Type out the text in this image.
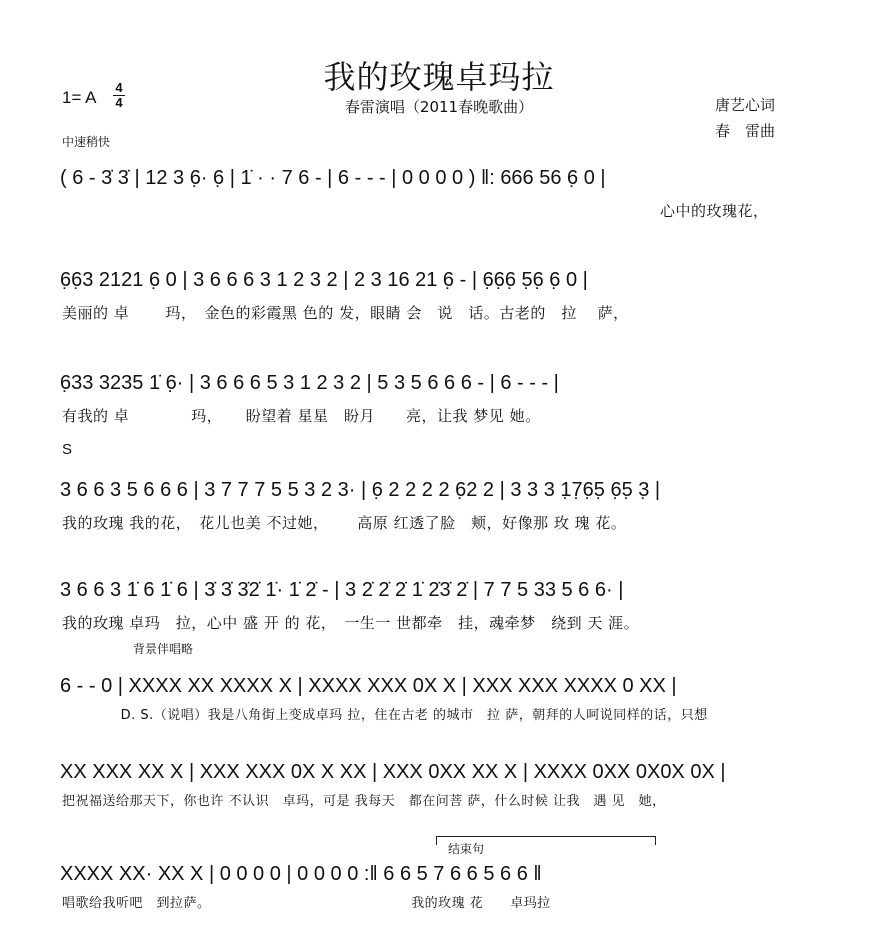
我的玫瑰卓玛拉
春雷演唱（2011春晚歌曲）
1= A
4
4
中速稍快
唐艺心词
春　雷曲
S
背景伴唱略
结束句
( 6 - 3̇ 3̇ | 12 3 6̣· 6̣ | 1̇ · · 7 6 - | 6 - - - | 0 0 0 0 ) ‖: 666 56 6̣ 0 |
心中的玫瑰花，
6̣6̣3 2121 6̣ 0 | 3 6 6 6 3 1 2 3 2 | 2 3 16 21 6̣ - | 6̣6̣6̣ 5̣6̣ 6̣ 0 |
美丽的 卓　　 玛，　金色的彩霞黑 色的 发，眼睛 会　说　话。古老的　拉　 萨，
6̣33 3235 1̇ 6̣· | 3 6 6 6 5 3 1 2 3 2 | 5 3 5 6 6 6 - | 6 - - - |
有我的 卓　　　　玛，　　盼望着 星星　盼月　　亮，让我 梦见 她。
3 6 6 3 5 6 6 6 | 3 7 7 7 5 5 3 2 3· | 6̣ 2 2 2 2 6̣2 2 | 3 3 3 1̣7̣6̣5̣ 6̣5̣ 3̣ |
我的玫瑰 我的花，　花儿也美 不过她，　　 高原 红透了脸　颊，好像那 玫 瑰 花。
3 6 6 3 1̇ 6 1̇ 6 | 3̇ 3̇ 3̇2̇ 1̇· 1̇ 2̇ - | 3 2̇ 2̇ 2̇ 1̇ 2̇3̇ 2̇ | 7 7 5 33 5 6 6· |
我的玫瑰 卓玛　拉，心中 盛 开 的 花，　一生一 世都牵　挂，魂牵梦　绕到 天 涯。
6 - - 0 | XXXX XX XXXX X | XXXX XXX 0X X | XXX XXX XXXX 0 XX |
　　　　 D. S.（说唱）我是八角街上变成卓玛 拉，住在古老 的城市　拉 萨，朝拜的人呵说同样的话，只想
XX XXX XX X | XXX XXX 0X X XX | XXX 0XX XX X | XXXX 0XX 0X0X 0X |
把祝福送给那天下，你也许 不认识　卓玛，可是 我每天　都在问菩 萨，什么时候 让我　遇 见　她，
XXXX XX· XX X | 0 0 0 0 | 0 0 0 0 :‖ 6 6 5 7 6 6 5 6 6 ‖
唱歌给我听吧　到拉萨。　　　　　　　　　　　　　　　 我的玫瑰 花　　卓玛拉
